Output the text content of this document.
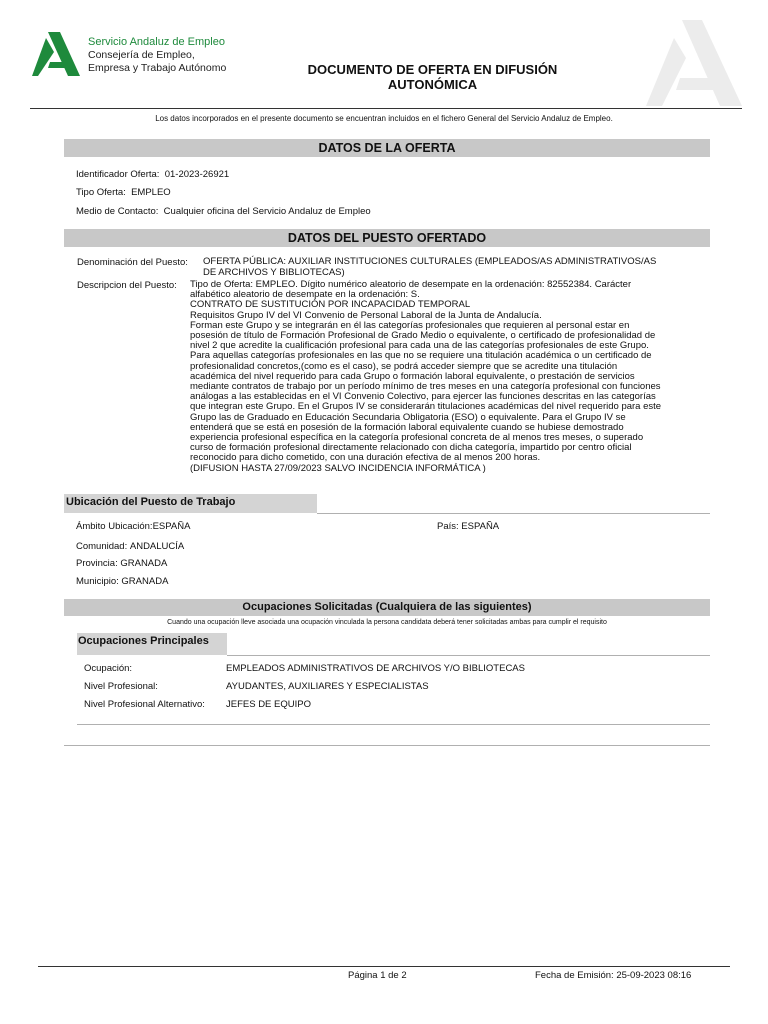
Servicio Andaluz de Empleo
Consejería de Empleo,
Empresa y Trabajo Autónomo	DOCUMENTO DE OFERTA EN DIFUSIÓN
AUTONÓMICA
Los datos incorporados en el presente documento se encuentran incluidos en el fichero General del Servicio Andaluz de Empleo.
DATOS DE LA OFERTA
Identificador Oferta: 01-2023-26921
Tipo Oferta: EMPLEO
Medio de Contacto: Cualquier oficina del Servicio Andaluz de Empleo
DATOS DEL PUESTO OFERTADO
Denominación del Puesto: OFERTA PÚBLICA: AUXILIAR INSTITUCIONES CULTURALES (EMPLEADOS/AS ADMINISTRATIVOS/AS
DE ARCHIVOS Y BIBLIOTECAS)
Descripcion del Puesto: Tipo de Oferta: EMPLEO. Dígito numérico aleatorio de desempate en la ordenación: 82552384. Carácter
alfabético aleatorio de desempate en la ordenación: S.
CONTRATO DE SUSTITUCIÓN POR INCAPACIDAD TEMPORAL
Requisitos Grupo IV del VI Convenio de Personal Laboral de la Junta de Andalucía.
Forman este Grupo y se integrarán en él las categorías profesionales que requieren al personal estar en
posesión de título de Formación Profesional de Grado Medio o equivalente, o certificado de profesionalidad de
nivel 2 que acredite la cualificación profesional para cada una de las categorías profesionales de este Grupo.
Para aquellas categorías profesionales en las que no se requiere una titulación académica o un certificado de
profesionalidad concretos,(como es el caso), se podrá acceder siempre que se acredite una titulación
académica del nivel requerido para cada Grupo o formación laboral equivalente, o prestación de servicios
mediante contratos de trabajo por un período mínimo de tres meses en una categoría profesional con funciones
análogas a las establecidas en el VI Convenio Colectivo, para ejercer las funciones descritas en las categorías
que integran este Grupo. En el Grupos IV se considerarán titulaciones académicas del nivel requerido para este
Grupo las de Graduado en Educación Secundaria Obligatoria (ESO) o equivalente. Para el Grupo IV se
entenderá que se está en posesión de la formación laboral equivalente cuando se hubiese demostrado
experiencia profesional específica en la categoría profesional concreta de al menos tres meses, o superado
curso de formación profesional directamente relacionado con dicha categoría, impartido por centro oficial
reconocido para dicho cometido, con una duración efectiva de al menos 200 horas.
(DIFUSION HASTA 27/09/2023 SALVO INCIDENCIA INFORMÁTICA )
Ubicación del Puesto de Trabajo
Ámbito Ubicación:ESPAÑA	País: ESPAÑA
Comunidad: ANDALUCÍA
Provincia: GRANADA
Municipio: GRANADA
Ocupaciones Solicitadas (Cualquiera de las siguientes)
Cuando una ocupación lleve asociada una ocupación vinculada la persona candidata deberá tener solicitadas ambas para cumplir el requisito
Ocupaciones Principales
Ocupación:	EMPLEADOS ADMINISTRATIVOS DE ARCHIVOS Y/O BIBLIOTECAS
Nivel Profesional:	AYUDANTES, AUXILIARES Y ESPECIALISTAS
Nivel Profesional Alternativo: JEFES DE EQUIPO
Página 1 de 2	Fecha de Emisión: 25-09-2023 08:16
